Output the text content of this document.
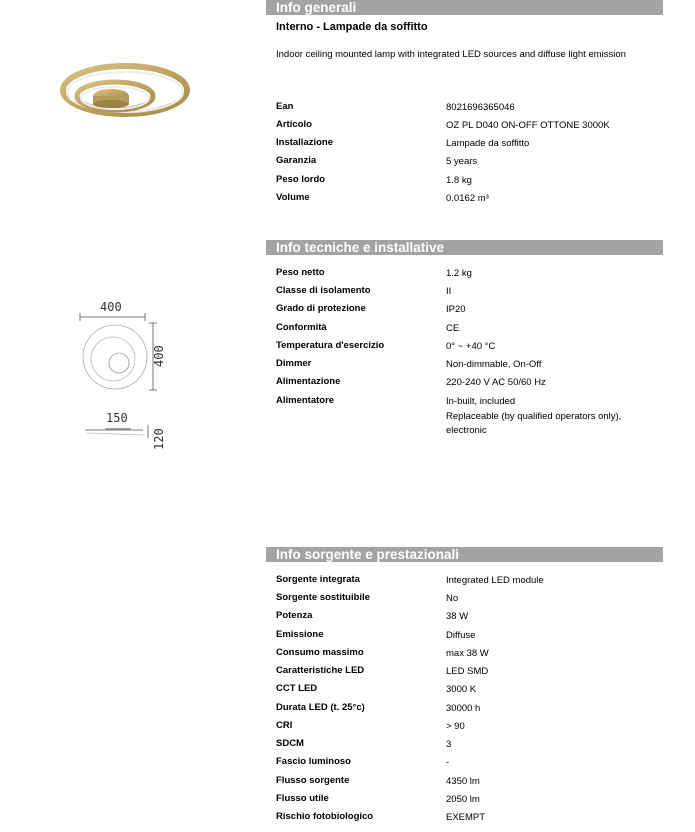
Info generali
Interno - Lampade da soffitto
Indoor ceiling mounted lamp with integrated LED sources and diffuse light emission
Ean	8021696365046
Articolo	OZ PL D040 ON-OFF OTTONE 3000K
Installazione	Lampade da soffitto
Garanzia	5 years
Peso lordo	1.8 kg
Volume	0.0162 m³
Info tecniche e installative
Peso netto	1.2 kg
Classe di isolamento	II
Grado di protezione	IP20
Conformità	CE
Temperatura d'esercizio	0° ~ +40 °C
Dimmer	Non-dimmable, On-Off
Alimentazione	220-240 V AC 50/60 Hz
Alimentatore	In-built, included
Replaceable (by qualified operators only), electronic
400
400
150
120
Info sorgente e prestazionali
Sorgente integrata	Integrated LED module
Sorgente sostituibile	No
Potenza	38 W
Emissione	Diffuse
Consumo massimo	max 38 W
Caratteristiche LED	LED SMD
CCT LED	3000 K
Durata LED (t. 25°c)	30000 h
CRI	> 90
SDCM	3
Fascio luminoso	-
Flusso sorgente	4350 lm
Flusso utile	2050 lm
Rischio fotobiologico	EXEMPT
